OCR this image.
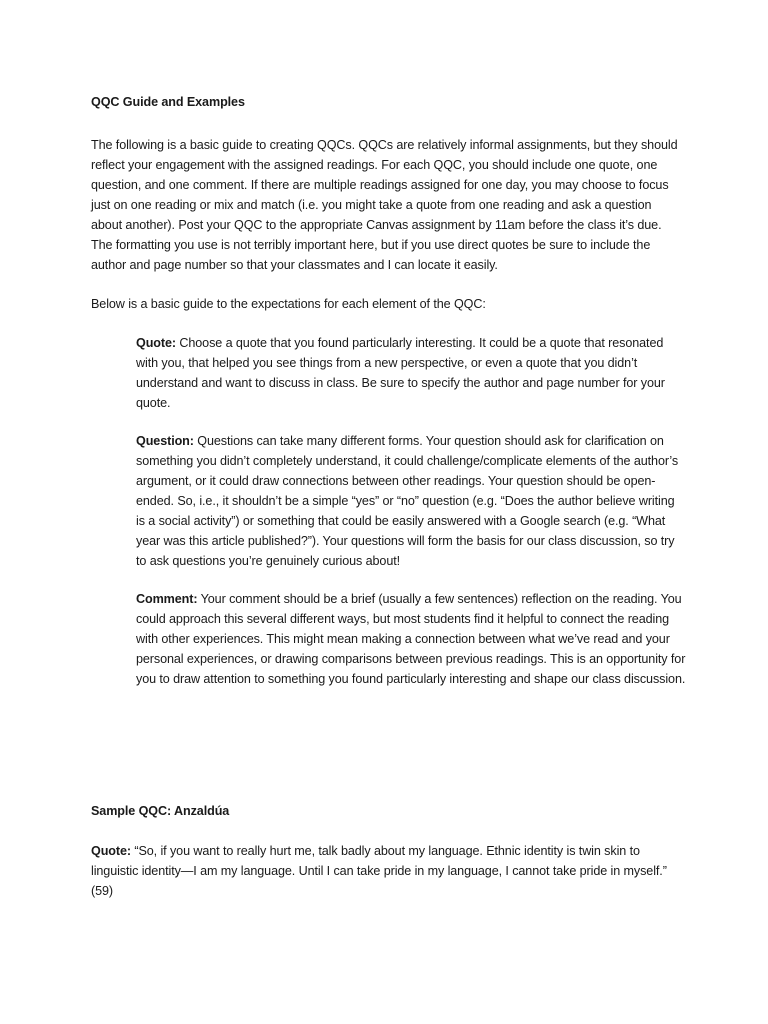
QQC Guide and Examples

The following is a basic guide to creating QQCs. QQCs are relatively informal assignments, but they should reflect your engagement with the assigned readings. For each QQC, you should include one quote, one question, and one comment. If there are multiple readings assigned for one day, you may choose to focus just on one reading or mix and match (i.e. you might take a quote from one reading and ask a question about another). Post your QQC to the appropriate Canvas assignment by 11am before the class it’s due. The formatting you use is not terribly important here, but if you use direct quotes be sure to include the author and page number so that your classmates and I can locate it easily.

Below is a basic guide to the expectations for each element of the QQC:

Quote: Choose a quote that you found particularly interesting. It could be a quote that resonated with you, that helped you see things from a new perspective, or even a quote that you didn’t understand and want to discuss in class. Be sure to specify the author and page number for your quote.

Question: Questions can take many different forms. Your question should ask for clarification on something you didn’t completely understand, it could challenge/complicate elements of the author’s argument, or it could draw connections between other readings. Your question should be open-ended. So, i.e., it shouldn’t be a simple “yes” or “no” question (e.g. “Does the author believe writing is a social activity”) or something that could be easily answered with a Google search (e.g. “What year was this article published?”). Your questions will form the basis for our class discussion, so try to ask questions you’re genuinely curious about!

Comment: Your comment should be a brief (usually a few sentences) reflection on the reading. You could approach this several different ways, but most students find it helpful to connect the reading with other experiences. This might mean making a connection between what we’ve read and your personal experiences, or drawing comparisons between previous readings. This is an opportunity for you to draw attention to something you found particularly interesting and shape our class discussion.

Sample QQC: Anzaldúa

Quote: “So, if you want to really hurt me, talk badly about my language. Ethnic identity is twin skin to linguistic identity—I am my language. Until I can take pride in my language, I cannot take pride in myself.” (59)
